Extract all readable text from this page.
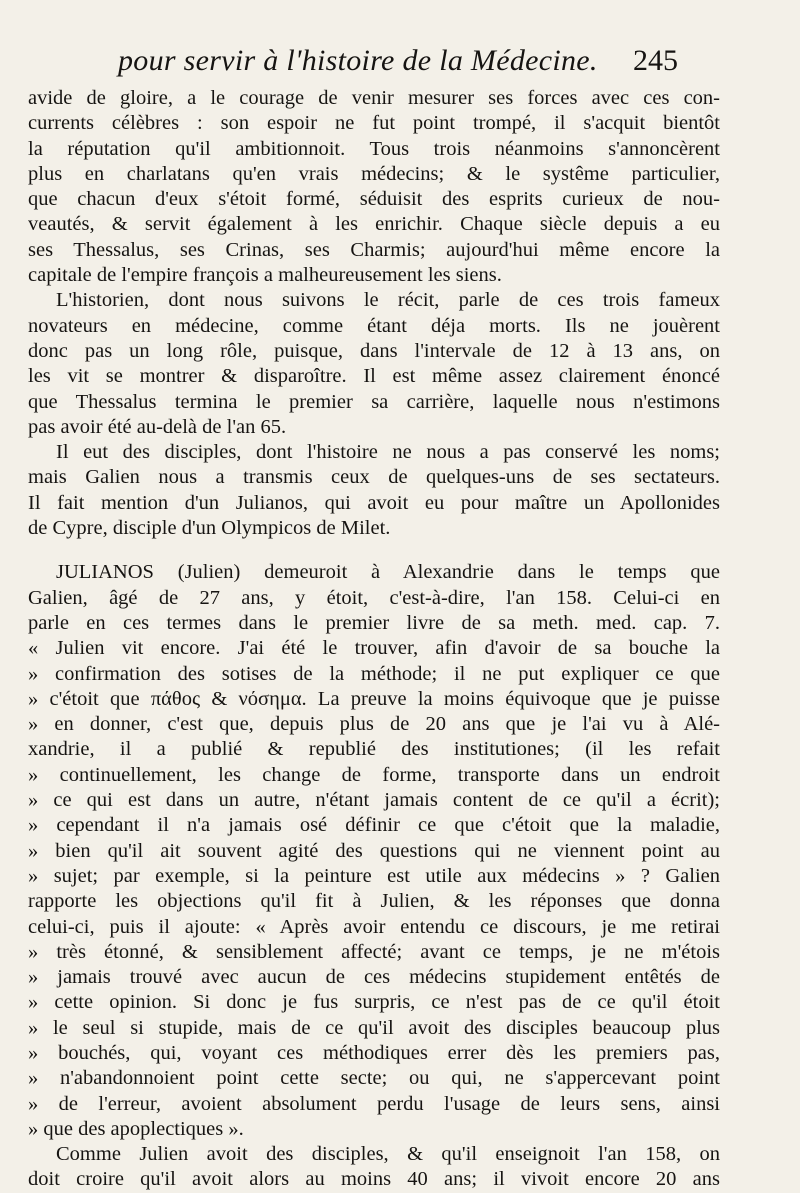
pour servir à l'histoire de la Médecine. 245
avide de gloire, a le courage de venir mesurer ses forces avec ces con-
currents célèbres : son espoir ne fut point trompé, il s'acquit bientôt
la réputation qu'il ambitionnoit. Tous trois néanmoins s'annoncèrent
plus en charlatans qu'en vrais médecins; & le systême particulier,
que chacun d'eux s'étoit formé, séduisit des esprits curieux de nou-
veautés, & servit également à les enrichir. Chaque siècle depuis a eu
ses Thessalus, ses Crinas, ses Charmis; aujourd'hui même encore la
capitale de l'empire françois a malheureusement les siens.
L'historien, dont nous suivons le récit, parle de ces trois fameux
novateurs en médecine, comme étant déja morts. Ils ne jouèrent
donc pas un long rôle, puisque, dans l'intervale de 12 à 13 ans, on
les vit se montrer & disparoître. Il est même assez clairement énoncé
que Thessalus termina le premier sa carrière, laquelle nous n'estimons
pas avoir été au-delà de l'an 65.
Il eut des disciples, dont l'histoire ne nous a pas conservé les noms;
mais Galien nous a transmis ceux de quelques-uns de ses sectateurs.
Il fait mention d'un Julianos, qui avoit eu pour maître un Apollonides
de Cypre, disciple d'un Olympicos de Milet.
JULIANOS (Julien) demeuroit à Alexandrie dans le temps que
Galien, âgé de 27 ans, y étoit, c'est-à-dire, l'an 158. Celui-ci en
parle en ces termes dans le premier livre de sa meth. med. cap. 7.
« Julien vit encore. J'ai été le trouver, afin d'avoir de sa bouche la
» confirmation des sotises de la méthode; il ne put expliquer ce que
» c'étoit que πάθος & νόσημα. La preuve la moins équivoque que je puisse
» en donner, c'est que, depuis plus de 20 ans que je l'ai vu à Alé-
xandrie, il a publié & republié des institutiones; (il les refait
» continuellement, les change de forme, transporte dans un endroit
» ce qui est dans un autre, n'étant jamais content de ce qu'il a écrit);
» cependant il n'a jamais osé définir ce que c'étoit que la maladie,
» bien qu'il ait souvent agité des questions qui ne viennent point au
» sujet; par exemple, si la peinture est utile aux médecins » ? Galien
rapporte les objections qu'il fit à Julien, & les réponses que donna
celui-ci, puis il ajoute: « Après avoir entendu ce discours, je me retirai
» très étonné, & sensiblement affecté; avant ce temps, je ne m'étois
» jamais trouvé avec aucun de ces médecins stupidement entêtés de
» cette opinion. Si donc je fus surpris, ce n'est pas de ce qu'il étoit
» le seul si stupide, mais de ce qu'il avoit des disciples beaucoup plus
» bouchés, qui, voyant ces méthodiques errer dès les premiers pas,
» n'abandonnoient point cette secte; ou qui, ne s'appercevant point
» de l'erreur, avoient absolument perdu l'usage de leurs sens, ainsi
» que des apoplectiques ».
Comme Julien avoit des disciples, & qu'il enseignoit l'an 158, on
doit croire qu'il avoit alors au moins 40 ans; il vivoit encore 20 ans
